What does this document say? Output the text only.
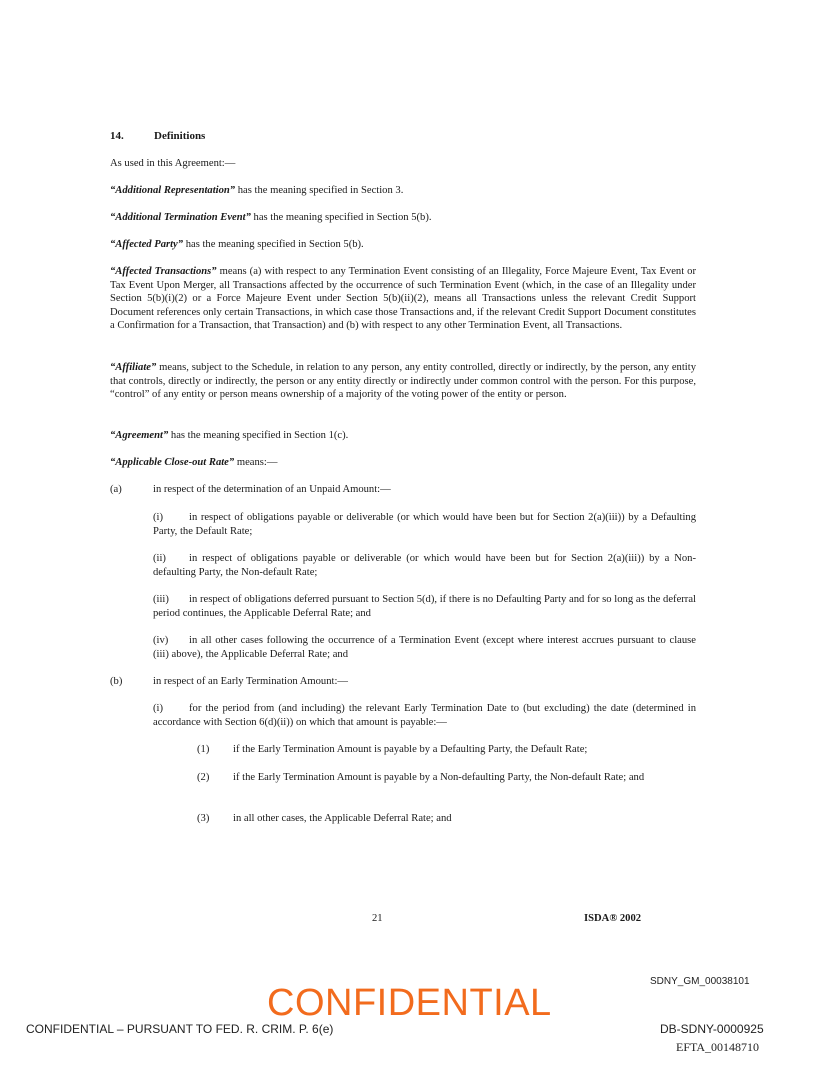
14.	Definitions

As used in this Agreement:—

“Additional Representation” has the meaning specified in Section 3.

“Additional Termination Event” has the meaning specified in Section 5(b).

“Affected Party” has the meaning specified in Section 5(b).

“Affected Transactions” means (a) with respect to any Termination Event consisting of an Illegality, Force Majeure Event, Tax Event or Tax Event Upon Merger, all Transactions affected by the occurrence of such Termination Event (which, in the case of an Illegality under Section 5(b)(i)(2) or a Force Majeure Event under Section 5(b)(ii)(2), means all Transactions unless the relevant Credit Support Document references only certain Transactions, in which case those Transactions and, if the relevant Credit Support Document constitutes a Confirmation for a Transaction, that Transaction) and (b) with respect to any other Termination Event, all Transactions.

“Affiliate” means, subject to the Schedule, in relation to any person, any entity controlled, directly or indirectly, by the person, any entity that controls, directly or indirectly, the person or any entity directly or indirectly under common control with the person. For this purpose, “control” of any entity or person means ownership of a majority of the voting power of the entity or person.

“Agreement” has the meaning specified in Section 1(c).

“Applicable Close-out Rate” means:—

(a)	in respect of the determination of an Unpaid Amount:—

(i) in respect of obligations payable or deliverable (or which would have been but for Section 2(a)(iii)) by a Defaulting Party, the Default Rate;
(ii) in respect of obligations payable or deliverable (or which would have been but for Section 2(a)(iii)) by a Non-defaulting Party, the Non-default Rate;
(iii) in respect of obligations deferred pursuant to Section 5(d), if there is no Defaulting Party and for so long as the deferral period continues, the Applicable Deferral Rate; and
(iv) in all other cases following the occurrence of a Termination Event (except where interest accrues pursuant to clause (iii) above), the Applicable Deferral Rate; and
(b)	in respect of an Early Termination Amount:—

(i) for the period from (and including) the relevant Early Termination Date to (but excluding) the date (determined in accordance with Section 6(d)(ii)) on which that amount is payable:—
(1) if the Early Termination Amount is payable by a Defaulting Party, the Default Rate;
(2) if the Early Termination Amount is payable by a Non-defaulting Party, the Non-default Rate; and
(3) in all other cases, the Applicable Deferral Rate; and
21	ISDA® 2002
SDNY_GM_00038101
CONFIDENTIAL
CONFIDENTIAL – PURSUANT TO FED. R. CRIM. P. 6(e)	DB-SDNY-0000925
EFTA_00148710
